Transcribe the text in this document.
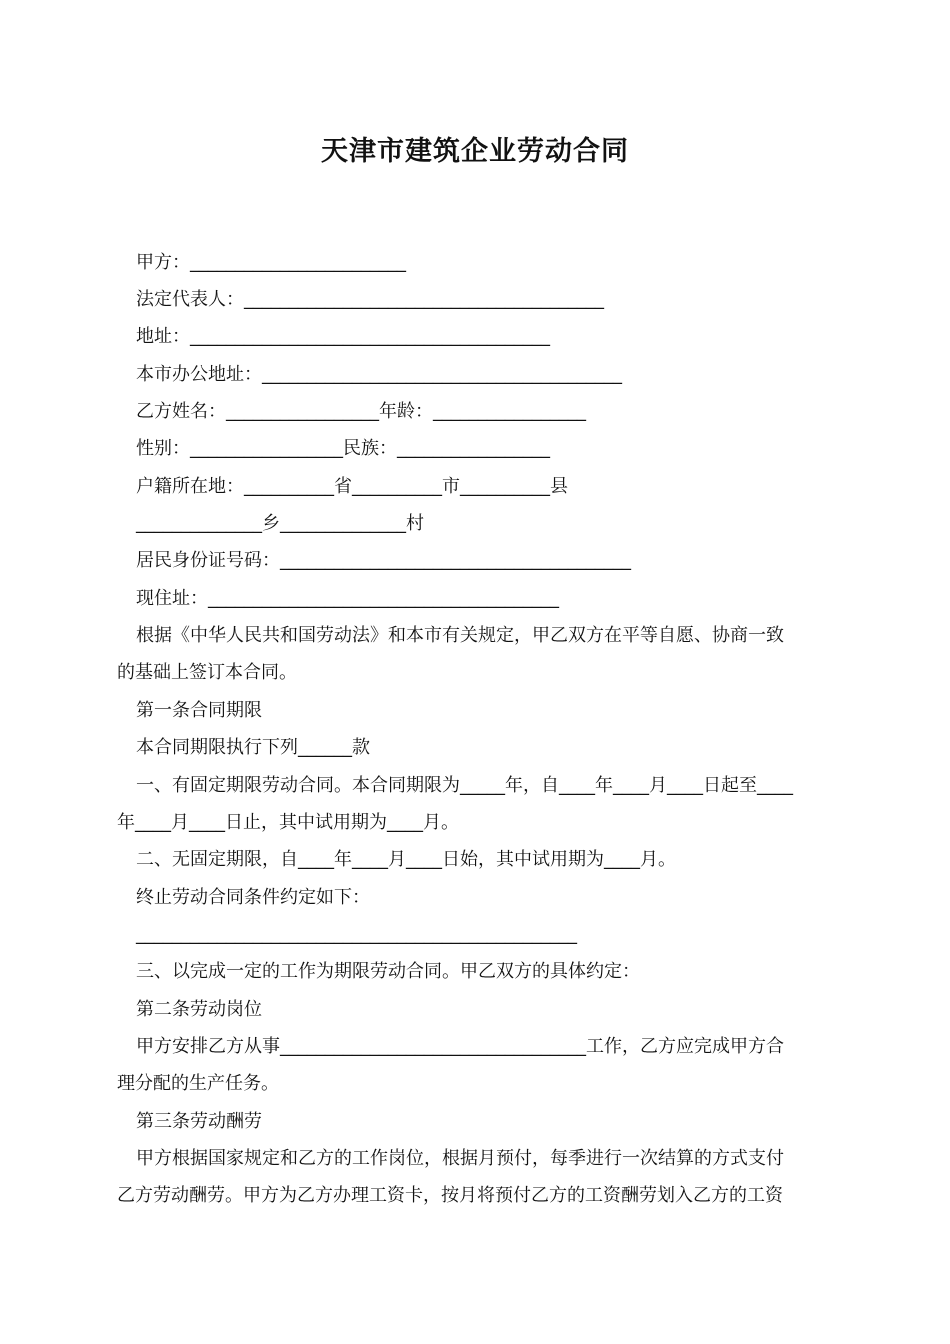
天津市建筑企业劳动合同
甲方：________________________
法定代表人：________________________________________
地址：________________________________________
本市办公地址：________________________________________
乙方姓名：_________________年龄：_________________
性别：_________________民族：_________________
户籍所在地：__________省__________市__________县
______________乡______________村
居民身份证号码：_______________________________________
现住址：_______________________________________
根据《中华人民共和国劳动法》和本市有关规定，甲乙双方在平等自愿、协商一致
的基础上签订本合同。
第一条合同期限
本合同期限执行下列______款
一、有固定期限劳动合同。本合同期限为_____年，自____年____月____日起至____
年____月____日止，其中试用期为____月。
二、无固定期限，自____年____月____日始，其中试用期为____月。
终止劳动合同条件约定如下：
_________________________________________________
三、以完成一定的工作为期限劳动合同。甲乙双方的具体约定：
第二条劳动岗位
甲方安排乙方从事__________________________________工作，乙方应完成甲方合
理分配的生产任务。
第三条劳动酬劳
甲方根据国家规定和乙方的工作岗位，根据月预付，每季进行一次结算的方式支付
乙方劳动酬劳。甲方为乙方办理工资卡，按月将预付乙方的工资酬劳划入乙方的工资
